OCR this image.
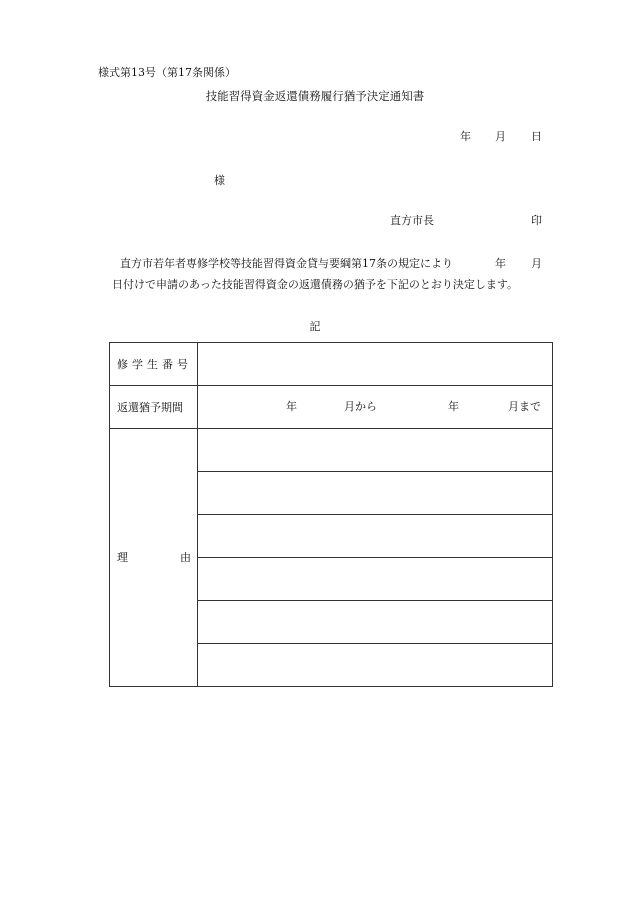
様式第13号（第17条関係）
技能習得資金返還債務履行猶予決定通知書
年 月 日
様
直方市長	印
直方市若年者専修学校等技能習得資金貸与要綱第17条の規定により	年 月
日付けで申請のあった技能習得資金の返還債務の猶予を下記のとおり決定します。
記
修学生番号	
返還猶予期間	年 月から 年 月まで

理 由	
